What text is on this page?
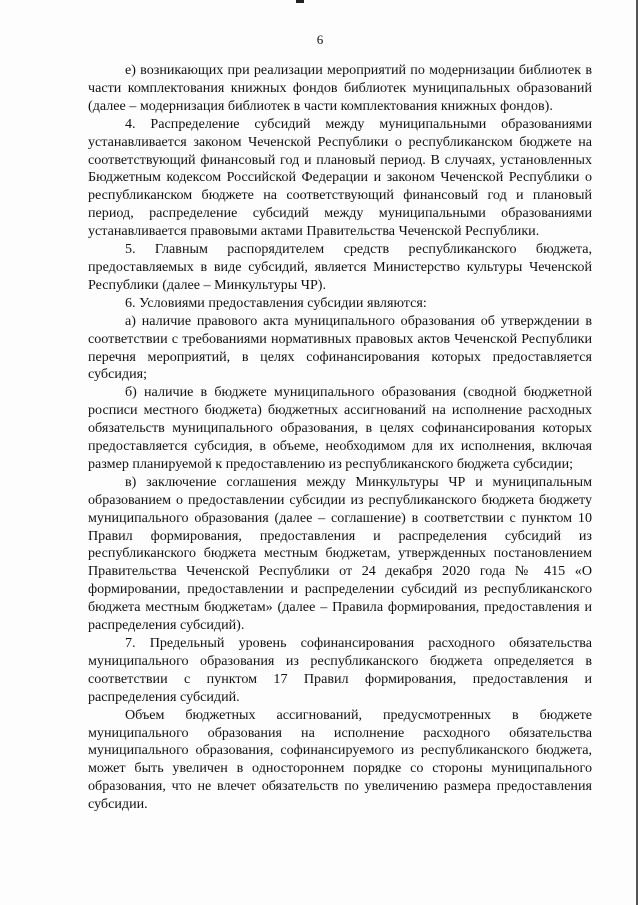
6

е) возникающих при реализации мероприятий по модернизации библиотек в части комплектования книжных фондов библиотек муниципальных образований (далее – модернизация библиотек в части комплектования книжных фондов).

4. Распределение субсидий между муниципальными образованиями устанавливается законом Чеченской Республики о республиканском бюджете на соответствующий финансовый год и плановый период. В случаях, установленных Бюджетным кодексом Российской Федерации и законом Чеченской Республики о республиканском бюджете на соответствующий финансовый год и плановый период, распределение субсидий между муниципальными образованиями устанавливается правовыми актами Правительства Чеченской Республики.

5. Главным распорядителем средств республиканского бюджета, предоставляемых в виде субсидий, является Министерство культуры Чеченской Республики (далее – Минкультуры ЧР).

6. Условиями предоставления субсидии являются:

а) наличие правового акта муниципального образования об утверждении в соответствии с требованиями нормативных правовых актов Чеченской Республики перечня мероприятий, в целях софинансирования которых предоставляется субсидия;

б) наличие в бюджете муниципального образования (сводной бюджетной росписи местного бюджета) бюджетных ассигнований на исполнение расходных обязательств муниципального образования, в целях софинансирования которых предоставляется субсидия, в объеме, необходимом для их исполнения, включая размер планируемой к предоставлению из республиканского бюджета субсидии;

в) заключение соглашения между Минкультуры ЧР и муниципальным образованием о предоставлении субсидии из республиканского бюджета бюджету муниципального образования (далее – соглашение) в соответствии с пунктом 10 Правил формирования, предоставления и распределения субсидий из республиканского бюджета местным бюджетам, утвержденных постановлением Правительства Чеченской Республики от 24 декабря 2020 года № 415 «О формировании, предоставлении и распределении субсидий из республиканского бюджета местным бюджетам» (далее – Правила формирования, предоставления и распределения субсидий).

7. Предельный уровень софинансирования расходного обязательства муниципального образования из республиканского бюджета определяется в соответствии с пунктом 17 Правил формирования, предоставления и распределения субсидий.

Объем бюджетных ассигнований, предусмотренных в бюджете муниципального образования на исполнение расходного обязательства муниципального образования, софинансируемого из республиканского бюджета, может быть увеличен в одностороннем порядке со стороны муниципального образования, что не влечет обязательств по увеличению размера предоставления субсидии.
